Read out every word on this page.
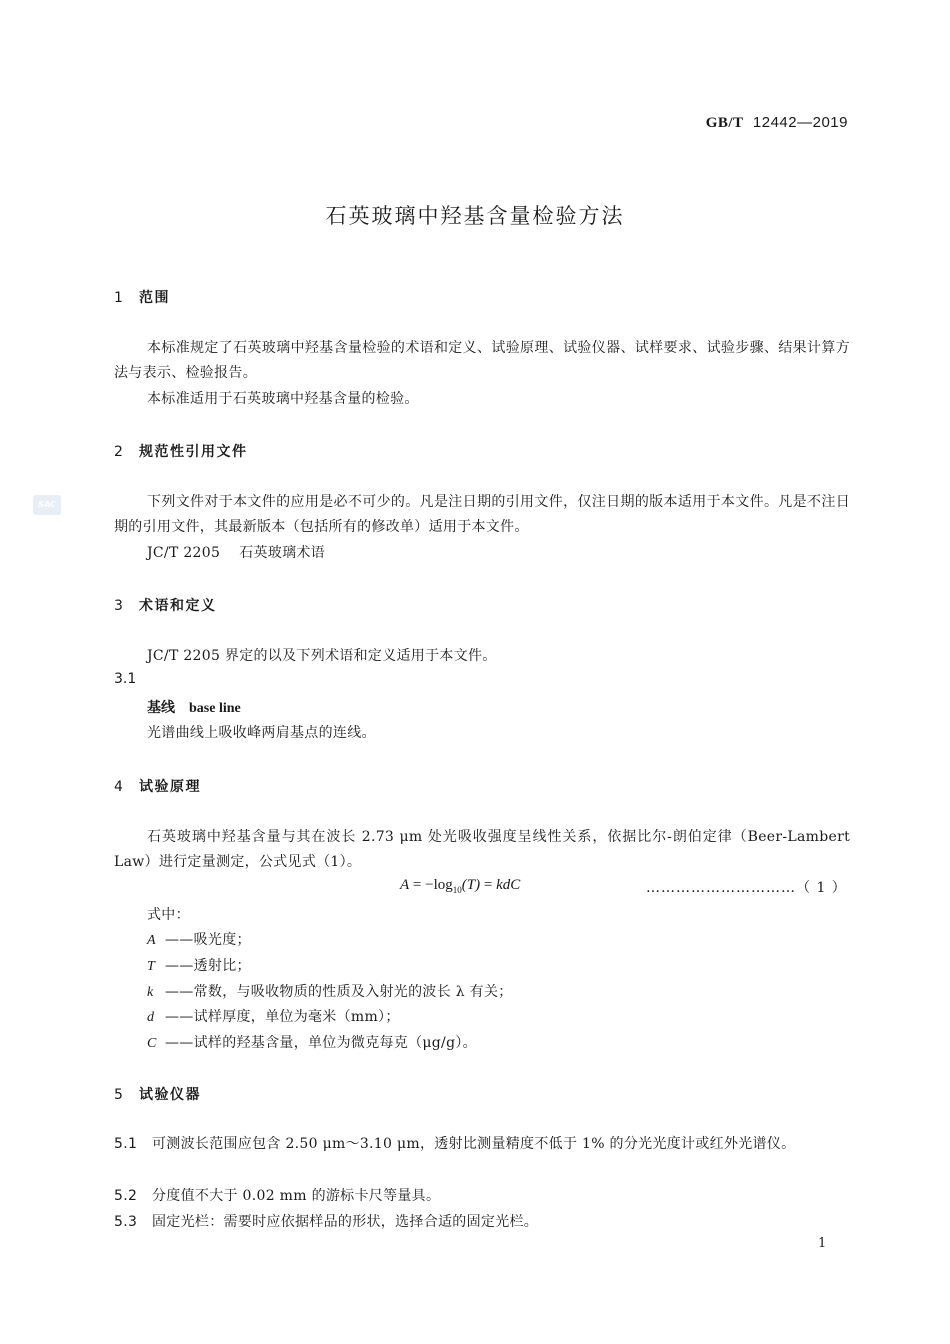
GB/T 12442—2019
石英玻璃中羟基含量检验方法
SAC
1 范围
本标准规定了石英玻璃中羟基含量检验的术语和定义、试验原理、试验仪器、试样要求、试验步骤、结果计算方法与表示、检验报告。
本标准适用于石英玻璃中羟基含量的检验。
2 规范性引用文件
下列文件对于本文件的应用是必不可少的。凡是注日期的引用文件，仅注日期的版本适用于本文件。凡是不注日期的引用文件，其最新版本（包括所有的修改单）适用于本文件。
JC/T 2205 石英玻璃术语
3 术语和定义
JC/T 2205 界定的以及下列术语和定义适用于本文件。
3.1
基线 base line
光谱曲线上吸收峰两肩基点的连线。
4 试验原理
石英玻璃中羟基含量与其在波长 2.73 μm 处光吸收强度呈线性关系，依据比尔-朗伯定律（Beer-Lambert Law）进行定量测定，公式见式（1）。
$A = -\log_{10}(T)$ = kdC	…………………………（ 1 ）
式中：
A ——吸光度；
T ——透射比；
k ——常数，与吸收物质的性质及入射光的波长 λ 有关；
d ——试样厚度，单位为毫米（mm）；
C ——试样的羟基含量，单位为微克每克（μg/g）。
5 试验仪器
5.1 可测波长范围应包含 2.50 μm～3.10 μm，透射比测量精度不低于 1% 的分光光度计或红外光谱仪。
5.2 分度值不大于 0.02 mm 的游标卡尺等量具。
5.3 固定光栏：需要时应依据样品的形状，选择合适的固定光栏。
1
